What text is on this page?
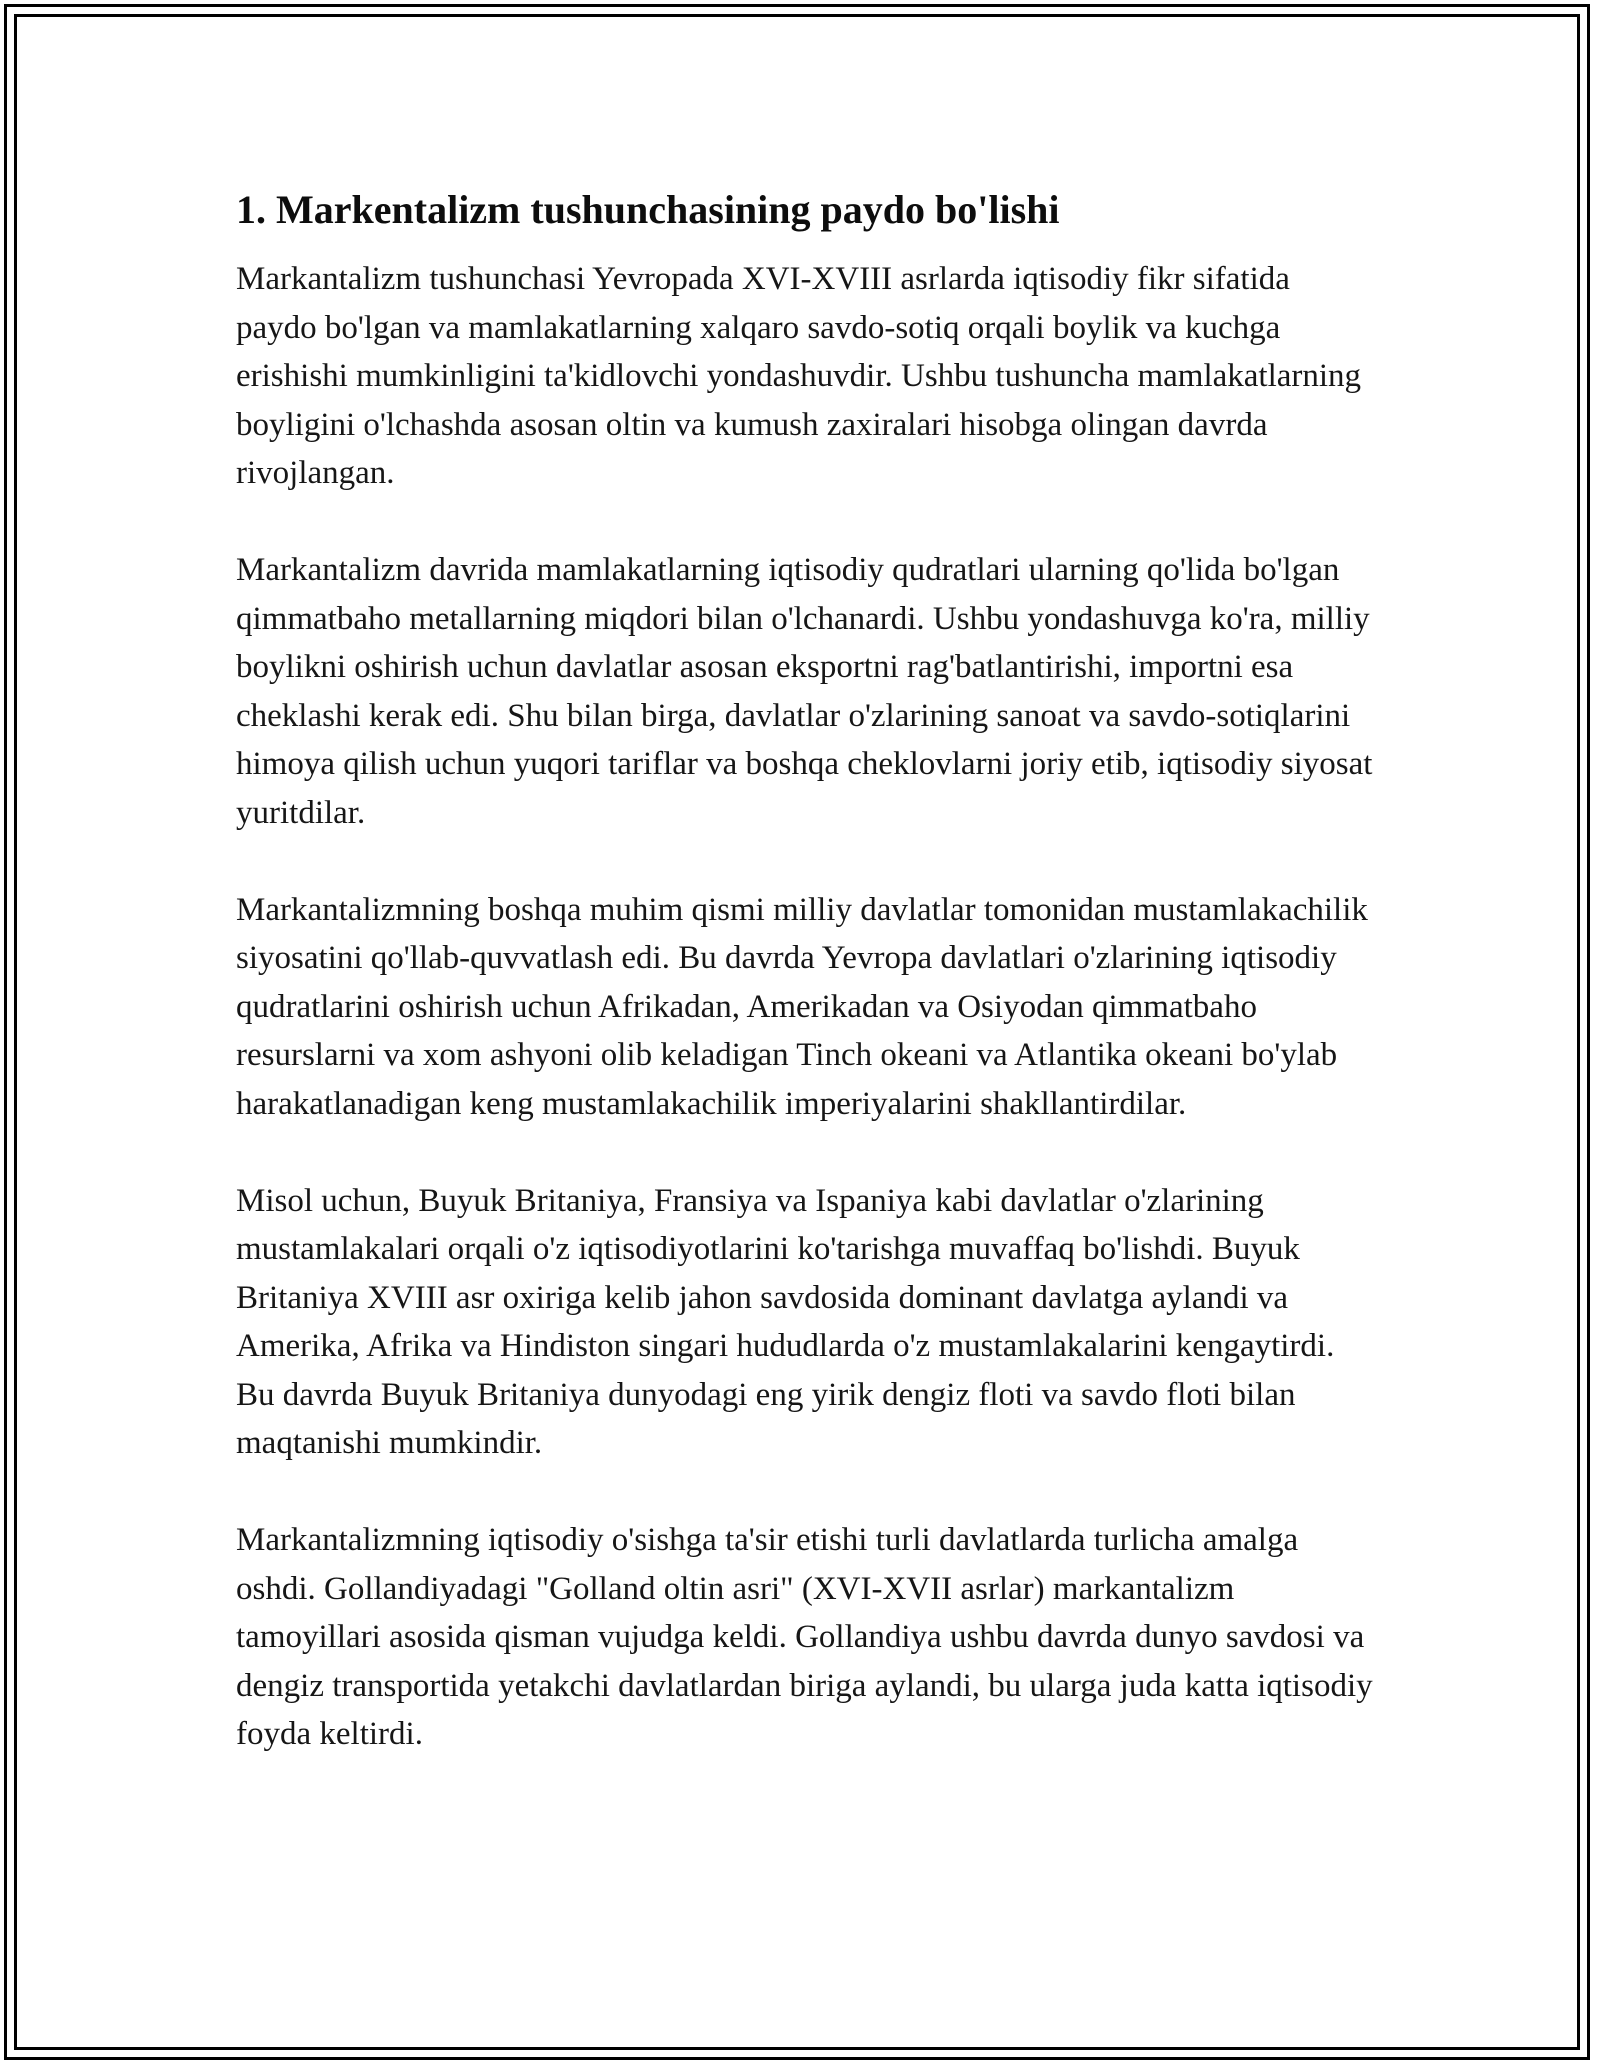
1. Markentalizm tushunchasining paydo bo'lishi

Markantalizm tushunchasi Yevropada XVI-XVIII asrlarda iqtisodiy fikr sifatida paydo bo'lgan va mamlakatlarning xalqaro savdo-sotiq orqali boylik va kuchga erishishi mumkinligini ta'kidlovchi yondashuvdir. Ushbu tushuncha mamlakatlarning boyligini o'lchashda asosan oltin va kumush zaxiralari hisobga olingan davrda rivojlangan.

Markantalizm davrida mamlakatlarning iqtisodiy qudratlari ularning qo'lida bo'lgan qimmatbaho metallarning miqdori bilan o'lchanardi. Ushbu yondashuvga ko'ra, milliy boylikni oshirish uchun davlatlar asosan eksportni rag'batlantirishi, importni esa cheklashi kerak edi. Shu bilan birga, davlatlar o'zlarining sanoat va savdo-sotiqlarini himoya qilish uchun yuqori tariflar va boshqa cheklovlarni joriy etib, iqtisodiy siyosat yuritdilar.

Markantalizmning boshqa muhim qismi milliy davlatlar tomonidan mustamlakachilik siyosatini qo'llab-quvvatlash edi. Bu davrda Yevropa davlatlari o'zlarining iqtisodiy qudratlarini oshirish uchun Afrikadan, Amerikadan va Osiyodan qimmatbaho resurslarni va xom ashyoni olib keladigan Tinch okeani va Atlantika okeani bo'ylab harakatlanadigan keng mustamlakachilik imperiyalarini shakllantirdilar.

Misol uchun, Buyuk Britaniya, Fransiya va Ispaniya kabi davlatlar o'zlarining mustamlakalari orqali o'z iqtisodiyotlarini ko'tarishga muvaffaq bo'lishdi. Buyuk Britaniya XVIII asr oxiriga kelib jahon savdosida dominant davlatga aylandi va Amerika, Afrika va Hindiston singari hududlarda o'z mustamlakalarini kengaytirdi. Bu davrda Buyuk Britaniya dunyodagi eng yirik dengiz floti va savdo floti bilan maqtanishi mumkindir.

Markantalizmning iqtisodiy o'sishga ta'sir etishi turli davlatlarda turlicha amalga oshdi. Gollandiyadagi "Golland oltin asri" (XVI-XVII asrlar) markantalizm tamoyillari asosida qisman vujudga keldi. Gollandiya ushbu davrda dunyo savdosi va dengiz transportida yetakchi davlatlardan biriga aylandi, bu ularga juda katta iqtisodiy foyda keltirdi.
